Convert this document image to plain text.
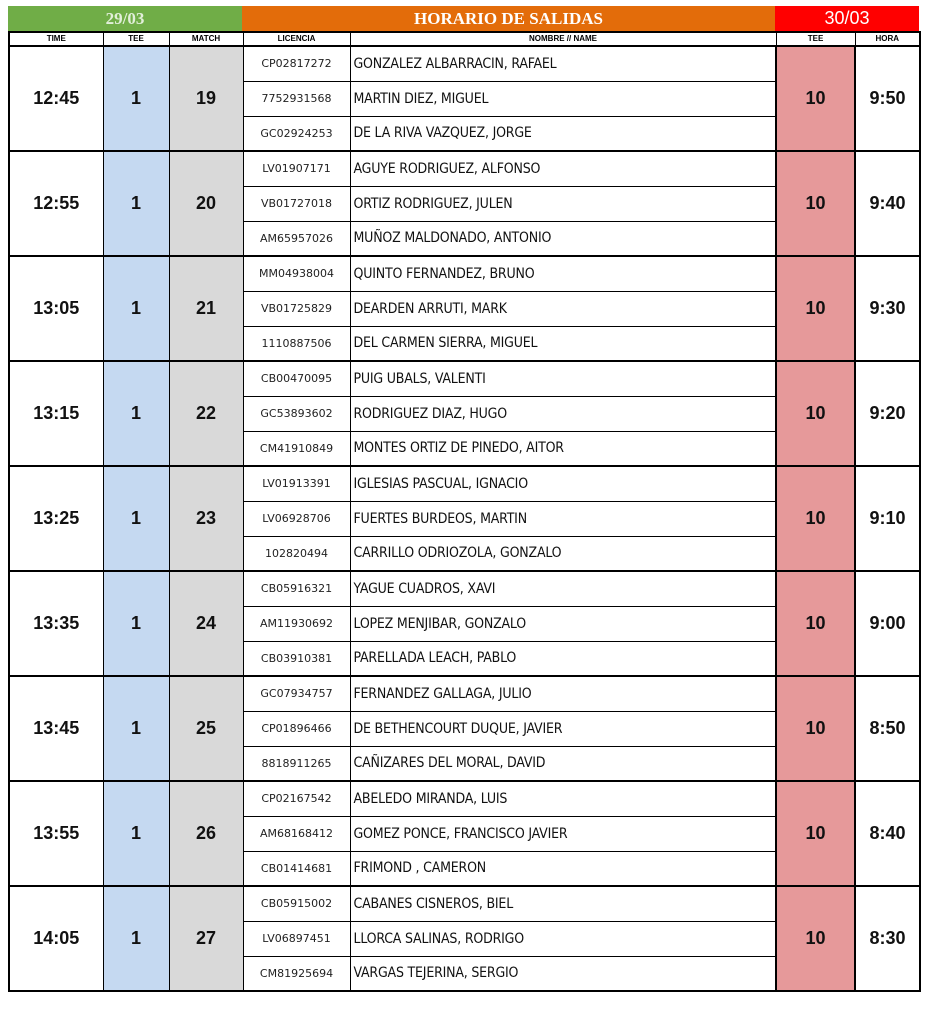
29/03	HORARIO DE SALIDAS	30/03
TIME	TEE	MATCH	LICENCIA	NOMBRE // NAME	TEE	HORA
12:45	1	19	CP02817272	GONZALEZ ALBARRACIN, RAFAEL	10	9:50
			7752931568	MARTIN DIEZ, MIGUEL		
			GC02924253	DE LA RIVA VAZQUEZ, JORGE		
12:55	1	20	LV01907171	AGUYE RODRIGUEZ, ALFONSO	10	9:40
			VB01727018	ORTIZ RODRIGUEZ, JULEN		
			AM65957026	MUÑOZ MALDONADO, ANTONIO		
13:05	1	21	MM04938004	QUINTO FERNANDEZ, BRUNO	10	9:30
			VB01725829	DEARDEN ARRUTI, MARK		
			1110887506	DEL CARMEN SIERRA, MIGUEL		
13:15	1	22	CB00470095	PUIG UBALS, VALENTI	10	9:20
			GC53893602	RODRIGUEZ DIAZ, HUGO		
			CM41910849	MONTES ORTIZ DE PINEDO, AITOR		
13:25	1	23	LV01913391	IGLESIAS PASCUAL, IGNACIO	10	9:10
			LV06928706	FUERTES BURDEOS, MARTIN		
			102820494	CARRILLO ODRIOZOLA, GONZALO		
13:35	1	24	CB05916321	YAGUE CUADROS, XAVI	10	9:00
			AM11930692	LOPEZ MENJIBAR, GONZALO		
			CB03910381	PARELLADA LEACH, PABLO		
13:45	1	25	GC07934757	FERNANDEZ GALLAGA, JULIO	10	8:50
			CP01896466	DE BETHENCOURT DUQUE, JAVIER		
			8818911265	CAÑIZARES DEL MORAL, DAVID		
13:55	1	26	CP02167542	ABELEDO MIRANDA, LUIS	10	8:40
			AM68168412	GOMEZ PONCE, FRANCISCO JAVIER		
			CB01414681	FRIMOND , CAMERON		
14:05	1	27	CB05915002	CABANES CISNEROS, BIEL	10	8:30
			LV06897451	LLORCA SALINAS, RODRIGO		
			CM81925694	VARGAS TEJERINA, SERGIO		
